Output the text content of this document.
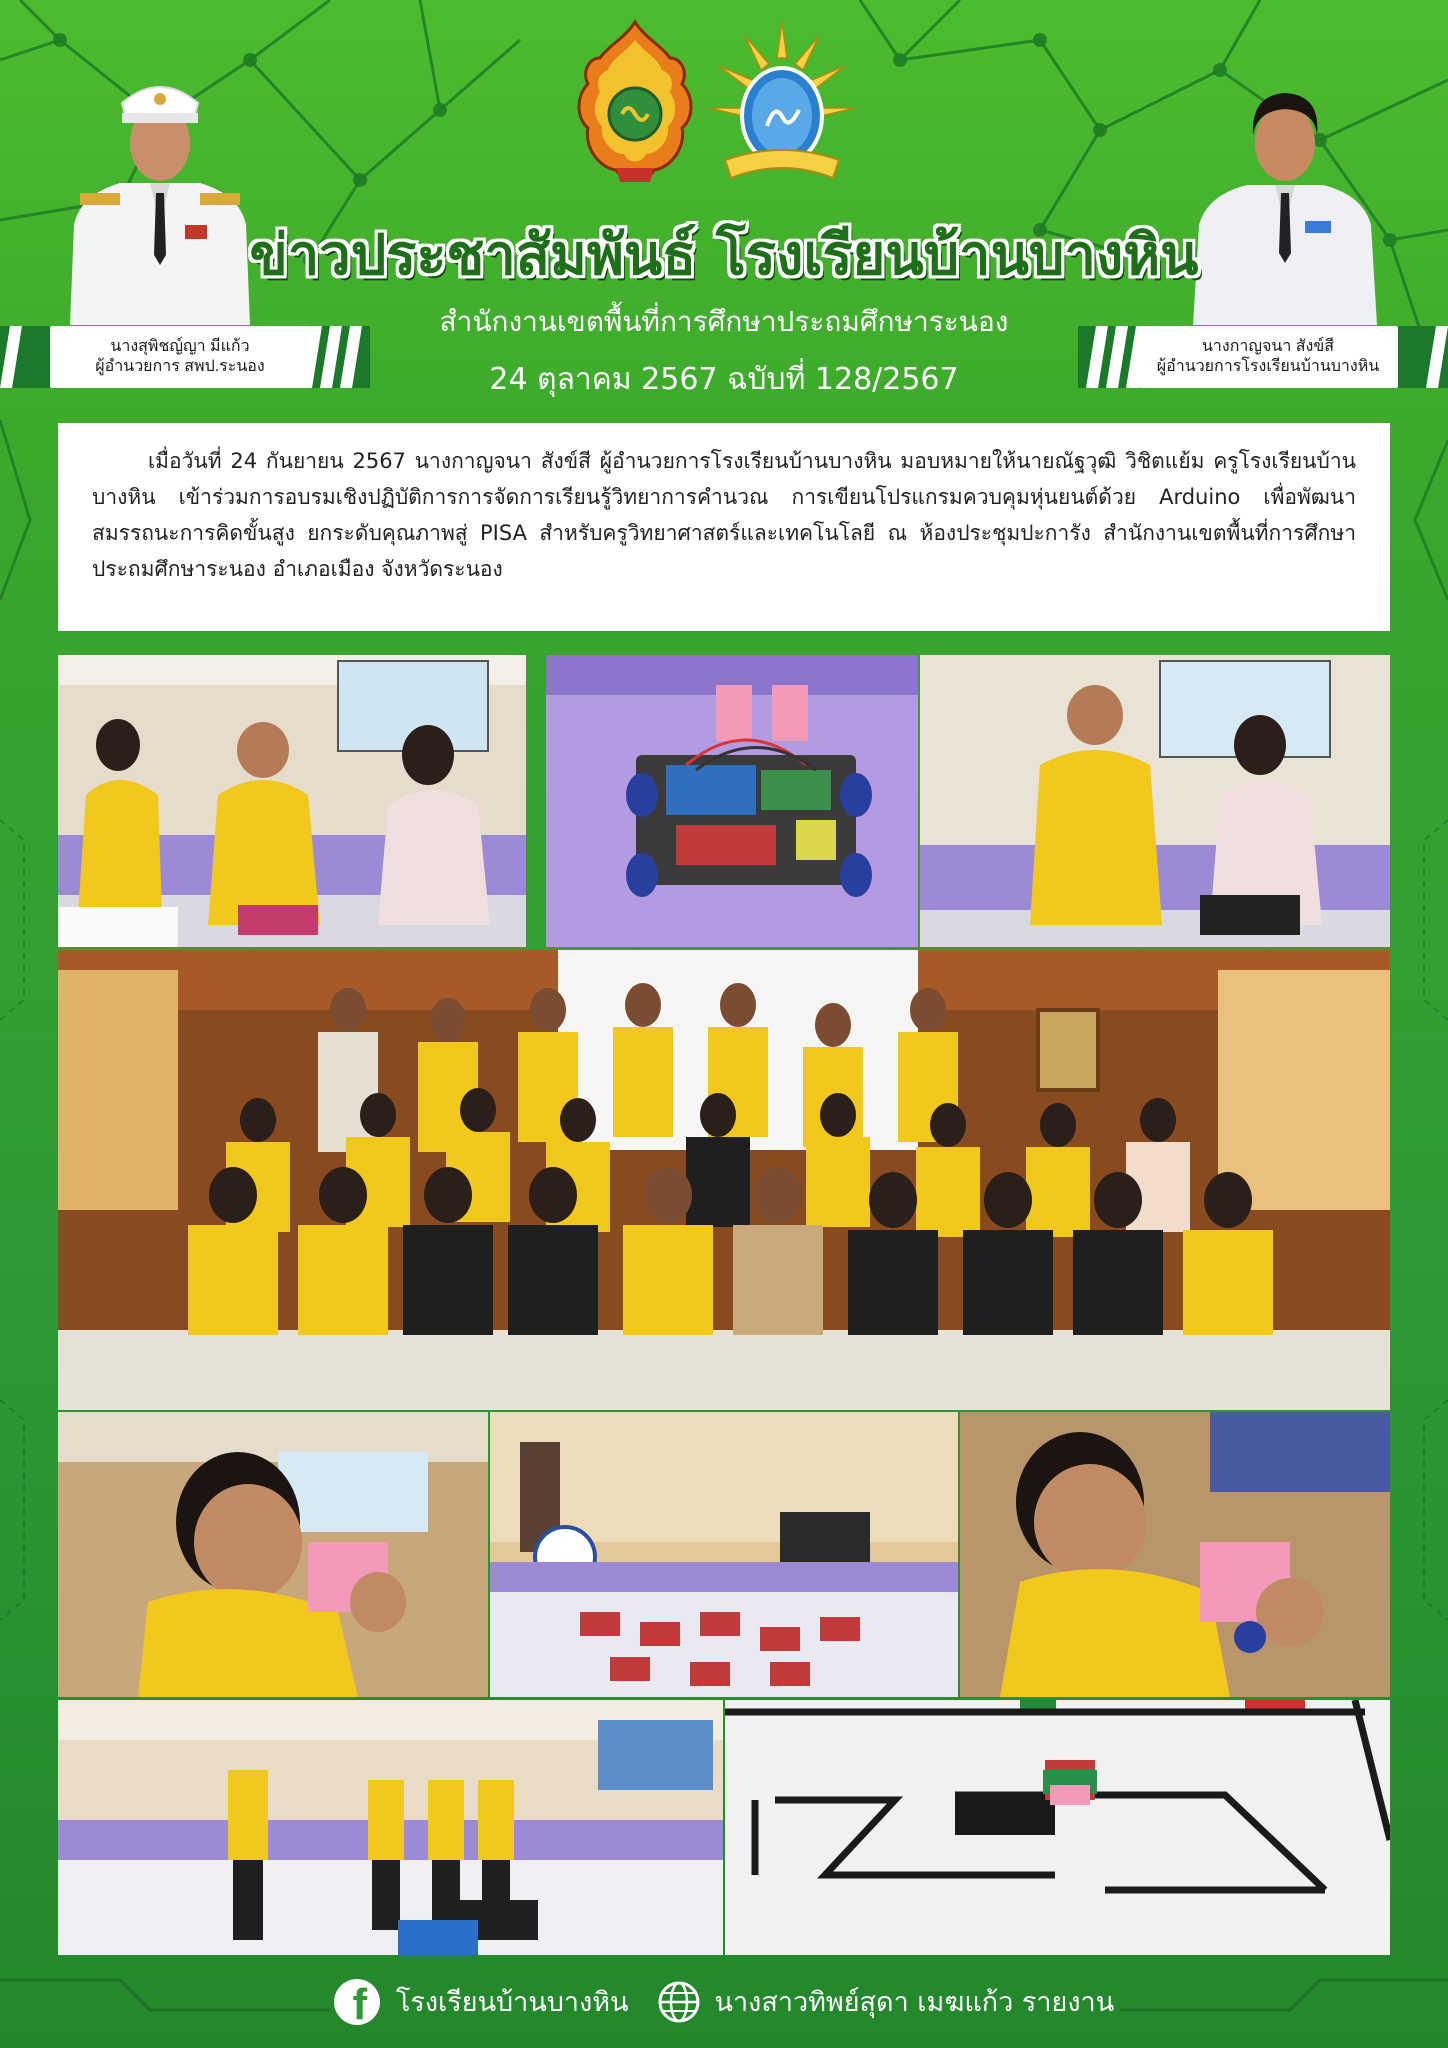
นางสุพิชญ์ญา มีแก้ว
ผู้อำนวยการ สพป.ระนอง
นางกาญจนา สังข์สี
ผู้อำนวยการโรงเรียนบ้านบางหิน
ข่าวประชาสัมพันธ์ โรงเรียนบ้านบางหิน
สำนักงานเขตพื้นที่การศึกษาประถมศึกษาระนอง
24 ตุลาคม 2567 ฉบับที่ 128/2567
เมื่อวันที่ 24 กันยายน 2567 นางกาญจนา สังข์สี ผู้อำนวยการโรงเรียนบ้านบางหิน มอบหมายให้นายณัฐวุฒิ วิชิตแย้ม ครูโรงเรียนบ้านบางหิน เข้าร่วมการอบรมเชิงปฏิบัติการการจัดการเรียนรู้วิทยาการคำนวณ การเขียนโปรแกรมควบคุมหุ่นยนต์ด้วย Arduino เพื่อพัฒนาสมรรถนะการคิดขั้นสูง ยกระดับคุณภาพสู่ PISA สำหรับครูวิทยาศาสตร์และเทคโนโลยี ณ ห้องประชุมปะการัง สำนักงานเขตพื้นที่การศึกษาประถมศึกษาระนอง อำเภอเมือง จังหวัดระนอง
f โรงเรียนบ้านบางหิน	นางสาวทิพย์สุดา เมฆแก้ว รายงาน
